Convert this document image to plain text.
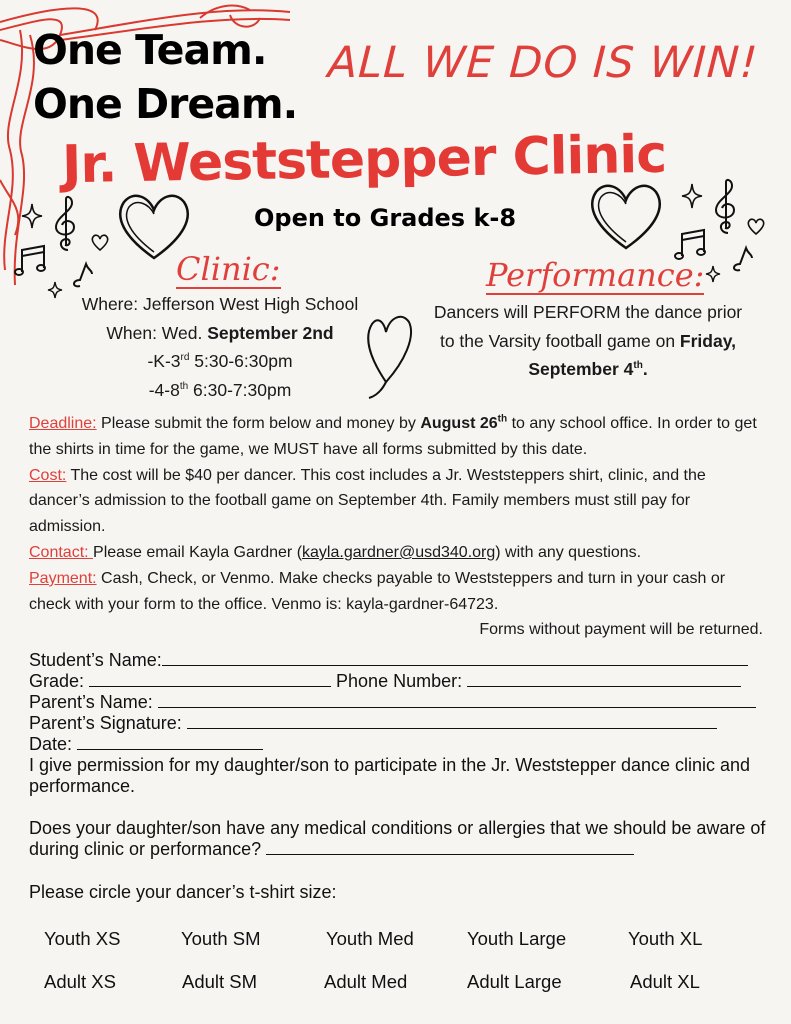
One Team.
One Dream.
ALL WE DO IS WIN!
Jr. Weststepper Clinic
Open to Grades k-8
Clinic:
Where: Jefferson West High School
When: Wed. September 2nd
-K-3rd 5:30-6:30pm
-4-8th 6:30-7:30pm
Performance:
Dancers will PERFORM the dance prior
to the Varsity football game on Friday,
September 4th.
Deadline: Please submit the form below and money by August 26th to any school office. In order to get the shirts in time for the game, we MUST have all forms submitted by this date.
Cost: The cost will be $40 per dancer. This cost includes a Jr. Weststeppers shirt, clinic, and the dancer’s admission to the football game on September 4th. Family members must still pay for admission.
Contact: Please email Kayla Gardner (kayla.gardner@usd340.org) with any questions.
Payment: Cash, Check, or Venmo. Make checks payable to Weststeppers and turn in your cash or check with your form to the office. Venmo is: kayla-gardner-64723.
Forms without payment will be returned.
Student’s Name:
Grade:	Phone Number:
Parent’s Name:
Parent’s Signature:
Date:
I give permission for my daughter/son to participate in the Jr. Weststepper dance clinic and performance.
Does your daughter/son have any medical conditions or allergies that we should be aware of during clinic or performance?
Please circle your dancer’s t-shirt size:
Youth XS	Youth SM	Youth Med	Youth Large	Youth XL
Adult XS	Adult SM	Adult Med	Adult Large	Adult XL
